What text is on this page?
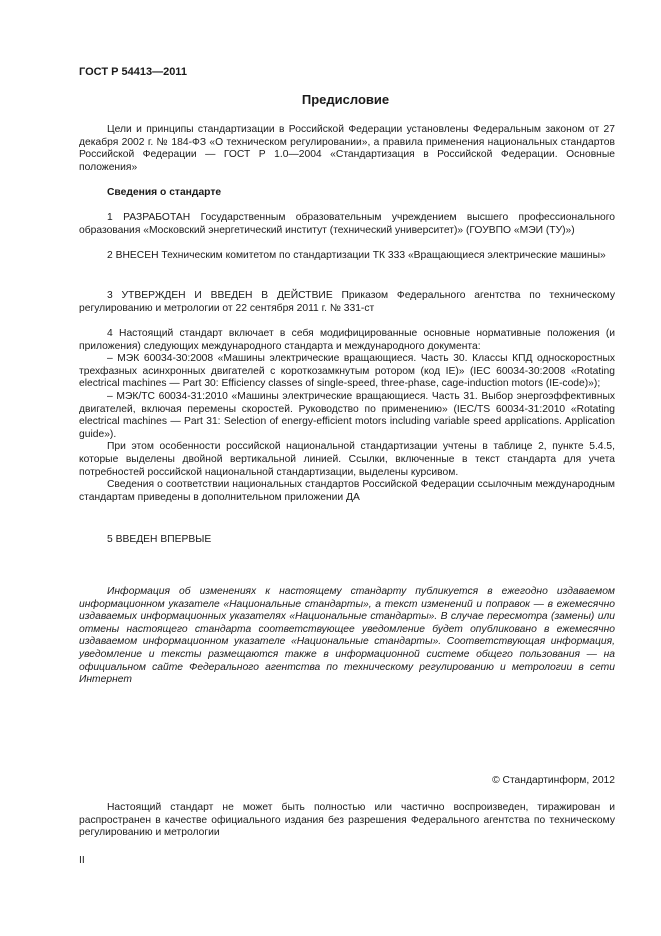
ГОСТ Р 54413—2011
Предисловие

Цели и принципы стандартизации в Российской Федерации установлены Федеральным законом от 27 декабря 2002 г. № 184-ФЗ «О техническом регулировании», а правила применения национальных стандартов Российской Федерации — ГОСТ Р 1.0—2004 «Стандартизация в Российской Федерации. Основные положения»

Сведения о стандарте

1 РАЗРАБОТАН Государственным образовательным учреждением высшего профессионального образования «Московский энергетический институт (технический университет)» (ГОУВПО «МЭИ (ТУ)»)

2 ВНЕСЕН Техническим комитетом по стандартизации ТК 333 «Вращающиеся электрические машины»

3 УТВЕРЖДЕН И ВВЕДЕН В ДЕЙСТВИЕ Приказом Федерального агентства по техническому регулированию и метрологии от 22 сентября 2011 г. № 331-ст

4 Настоящий стандарт включает в себя модифицированные основные нормативные положения (и приложения) следующих международного стандарта и международного документа:

– МЭК 60034-30:2008 «Машины электрические вращающиеся. Часть 30. Классы КПД односкоростных трехфазных асинхронных двигателей с короткозамкнутым ротором (код IE)» (IEC 60034-30:2008 «Rotating electrical machines — Part 30: Efficiency classes of single-speed, three-phase, cage-induction motors (IE-code)»);

– МЭК/TC 60034-31:2010 «Машины электрические вращающиеся. Часть 31. Выбор энергоэффективных двигателей, включая перемены скоростей. Руководство по применению» (IEC/TS 60034-31:2010 «Rotating electrical machines — Part 31: Selection of energy-efficient motors including variable speed applications. Application guide»).

При этом особенности российской национальной стандартизации учтены в таблице 2, пункте 5.4.5, которые выделены двойной вертикальной линией. Ссылки, включенные в текст стандарта для учета потребностей российской национальной стандартизации, выделены курсивом.

Сведения о соответствии национальных стандартов Российской Федерации ссылочным международным стандартам приведены в дополнительном приложении ДА

5 ВВЕДЕН ВПЕРВЫЕ

Информация об изменениях к настоящему стандарту публикуется в ежегодно издаваемом информационном указателе «Национальные стандарты», а текст изменений и поправок — в ежемесячно издаваемых информационных указателях «Национальные стандарты». В случае пересмотра (замены) или отмены настоящего стандарта соответствующее уведомление будет опубликовано в ежемесячно издаваемом информационном указателе «Национальные стандарты». Соответствующая информация, уведомление и тексты размещаются также в информационной системе общего пользования — на официальном сайте Федерального агентства по техническому регулированию и метрологии в сети Интернет

© Стандартинформ, 2012

Настоящий стандарт не может быть полностью или частично воспроизведен, тиражирован и распространен в качестве официального издания без разрешения Федерального агентства по техническому регулированию и метрологии

II
